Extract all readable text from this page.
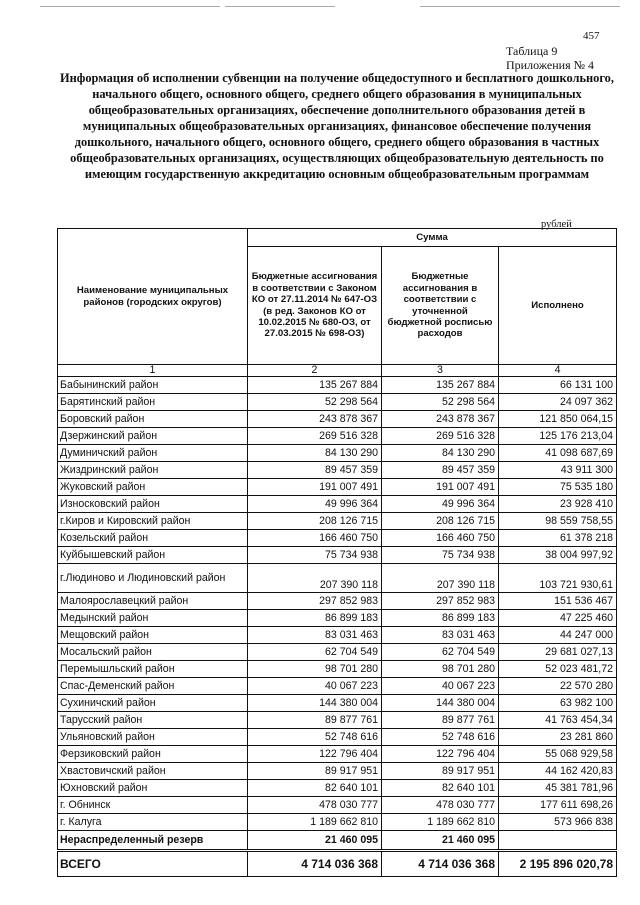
457
Таблица 9
Приложения № 4
Информация об исполнении субвенции на получение общедоступного и бесплатного дошкольного, начального общего, основного общего, среднего общего образования в муниципальных общеобразовательных организациях, обеспечение дополнительного образования детей в муниципальных общеобразовательных организациях, финансовое обеспечение получения дошкольного, начального общего, основного общего, среднего общего образования в частных общеобразовательных организациях, осуществляющих общеобразовательную деятельность по имеющим государственную аккредитацию основным общеобразовательным программам
рублей
Наименование муниципальных районов (городских округов)	Сумма		
	Бюджетные ассигнования в соответствии с Законом КО от 27.11.2014 № 647-ОЗ (в ред. Законов КО от 10.02.2015 № 680-ОЗ, от 27.03.2015 № 698-ОЗ)	Бюджетные ассигнования в соответствии с уточненной бюджетной росписью расходов	Исполнено
1	2	3	4
Бабынинский район	135 267 884	135 267 884	66 131 100
Барятинский район	52 298 564	52 298 564	24 097 362
Боровский район	243 878 367	243 878 367	121 850 064,15
Дзержинский район	269 516 328	269 516 328	125 176 213,04
Думиничский район	84 130 290	84 130 290	41 098 687,69
Жиздринский район	89 457 359	89 457 359	43 911 300
Жуковский район	191 007 491	191 007 491	75 535 180
Износковский район	49 996 364	49 996 364	23 928 410
г.Киров и Кировский район	208 126 715	208 126 715	98 559 758,55
Козельский район	166 460 750	166 460 750	61 378 218
Куйбышевский район	75 734 938	75 734 938	38 004 997,92
г.Людиново и Людиновский район	207 390 118	207 390 118	103 721 930,61
Малоярославецкий район	297 852 983	297 852 983	151 536 467
Медынский район	86 899 183	86 899 183	47 225 460
Мещовский район	83 031 463	83 031 463	44 247 000
Мосальский район	62 704 549	62 704 549	29 681 027,13
Перемышльский район	98 701 280	98 701 280	52 023 481,72
Спас-Деменский район	40 067 223	40 067 223	22 570 280
Сухиничский район	144 380 004	144 380 004	63 982 100
Тарусский район	89 877 761	89 877 761	41 763 454,34
Ульяновский район	52 748 616	52 748 616	23 281 860
Ферзиковский район	122 796 404	122 796 404	55 068 929,58
Хвастовичский район	89 917 951	89 917 951	44 162 420,83
Юхновский район	82 640 101	82 640 101	45 381 781,96
г. Обнинск	478 030 777	478 030 777	177 611 698,26
г. Калуга	1 189 662 810	1 189 662 810	573 966 838
Нераспределенный резерв	21 460 095	21 460 095	
ВСЕГО	4 714 036 368	4 714 036 368	2 195 896 020,78
